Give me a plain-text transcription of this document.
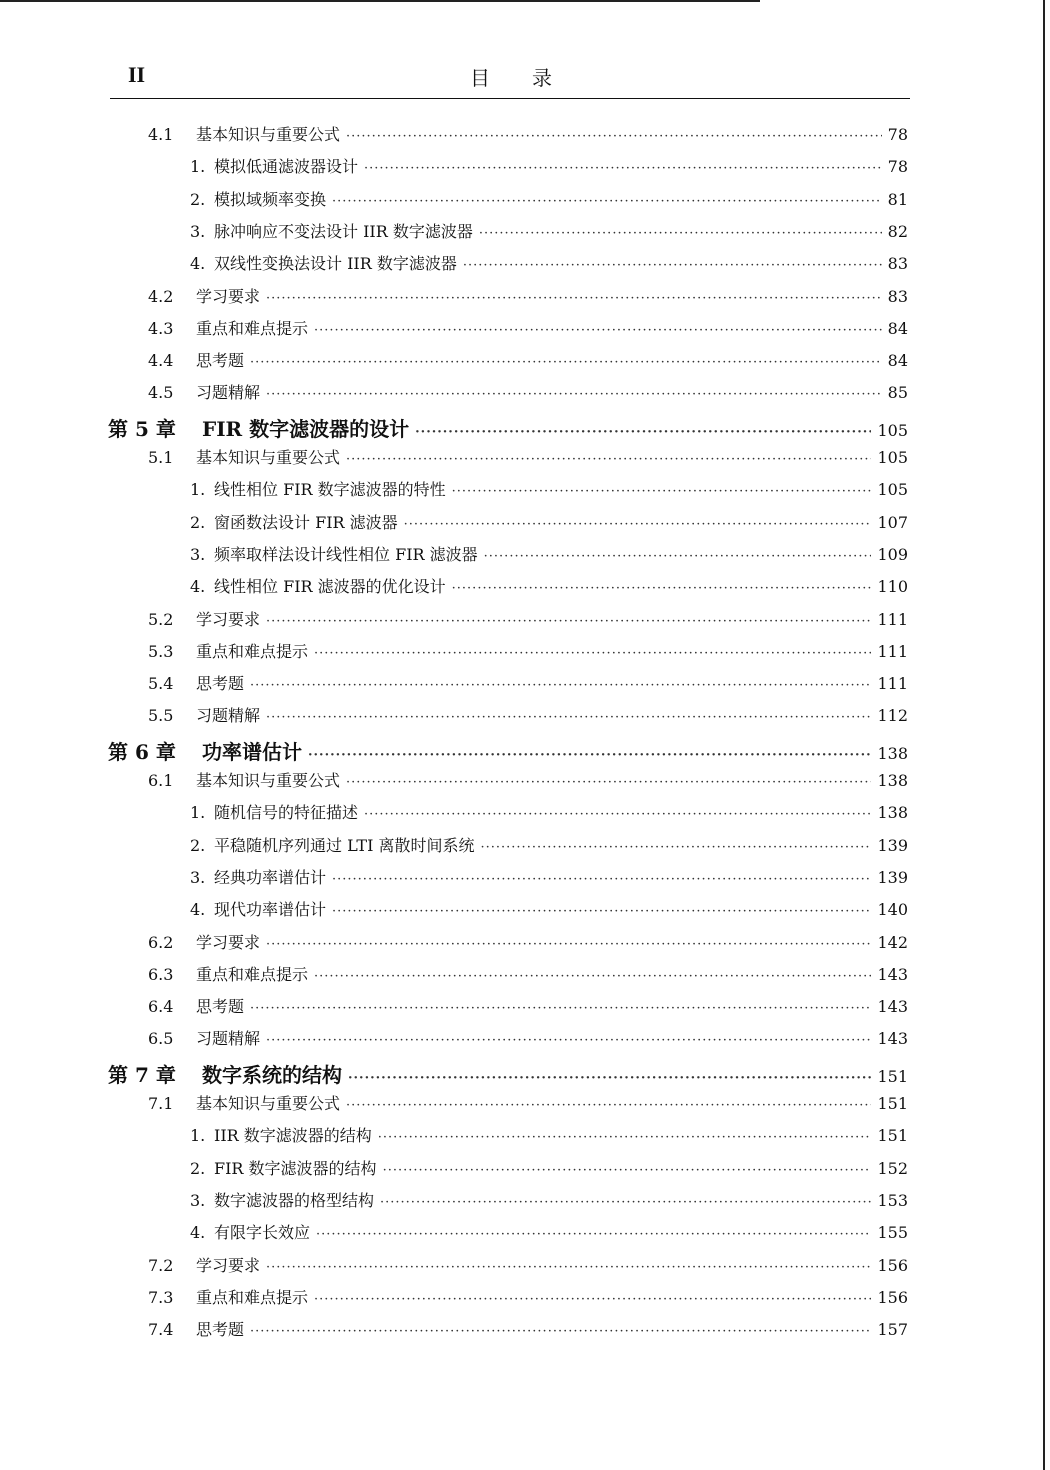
II	目录
4.1	基本知识与重要公式 ·····	78
1. 模拟低通滤波器设计 ·····	78
2. 模拟域频率变换 ·····	81
3. 脉冲响应不变法设计 IIR 数字滤波器 ·····	82
4. 双线性变换法设计 IIR 数字滤波器 ·····	83
4.2	学习要求 ·····	83
4.3	重点和难点提示 ·····	84
4.4	思考题 ·····	84
4.5	习题精解 ·····	85
第 5 章	FIR 数字滤波器的设计 ·····	105
5.1	基本知识与重要公式 ·····	105
1. 线性相位 FIR 数字滤波器的特性 ·····	105
2. 窗函数法设计 FIR 滤波器 ·····	107
3. 频率取样法设计线性相位 FIR 滤波器 ·····	109
4. 线性相位 FIR 滤波器的优化设计 ·····	110
5.2	学习要求 ·····	111
5.3	重点和难点提示 ·····	111
5.4	思考题 ·····	111
5.5	习题精解 ·····	112
第 6 章	功率谱估计 ·····	138
6.1	基本知识与重要公式 ·····	138
1. 随机信号的特征描述 ·····	138
2. 平稳随机序列通过 LTI 离散时间系统 ·····	139
3. 经典功率谱估计 ·····	139
4. 现代功率谱估计 ·····	140
6.2	学习要求 ·····	142
6.3	重点和难点提示 ·····	143
6.4	思考题 ·····	143
6.5	习题精解 ·····	143
第 7 章	数字系统的结构 ·····	151
7.1	基本知识与重要公式 ·····	151
1. IIR 数字滤波器的结构 ·····	151
2. FIR 数字滤波器的结构 ·····	152
3. 数字滤波器的格型结构 ·····	153
4. 有限字长效应 ·····	155
7.2	学习要求 ·····	156
7.3	重点和难点提示 ·····	156
7.4	思考题 ·····	157
